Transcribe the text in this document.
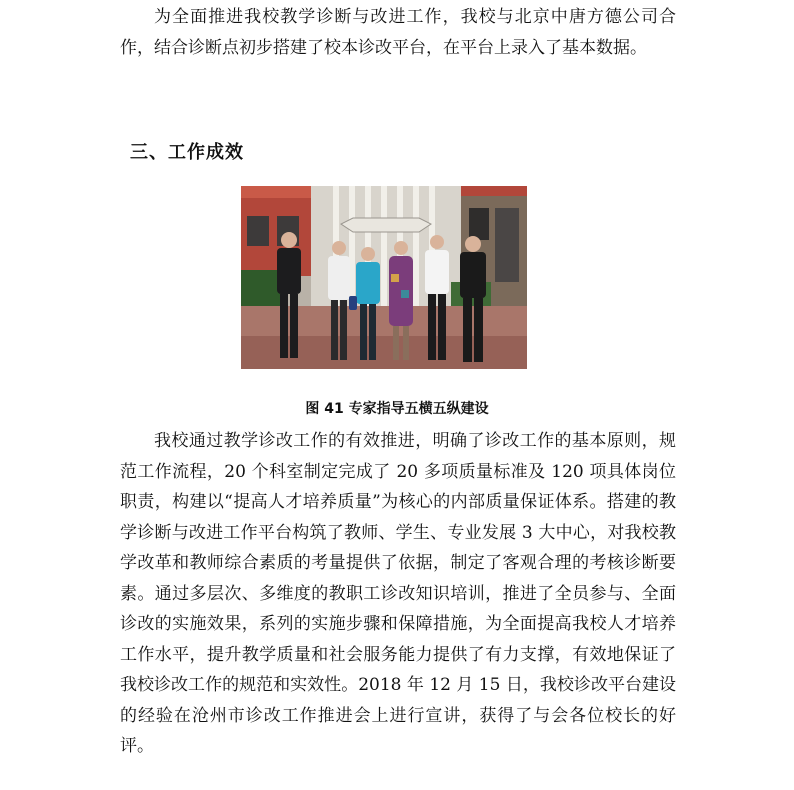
为全面推进我校教学诊断与改进工作，我校与北京中唐方德公司合作，结合诊断点初步搭建了校本诊改平台，在平台上录入了基本数据。

三、工作成效
图 41 专家指导五横五纵建设

我校通过教学诊改工作的有效推进，明确了诊改工作的基本原则，规范工作流程，20 个科室制定完成了 20 多项质量标准及 120 项具体岗位职责，构建以“提高人才培养质量”为核心的内部质量保证体系。搭建的教学诊断与改进工作平台构筑了教师、学生、专业发展 3 大中心，对我校教学改革和教师综合素质的考量提供了依据，制定了客观合理的考核诊断要素。通过多层次、多维度的教职工诊改知识培训，推进了全员参与、全面诊改的实施效果，系列的实施步骤和保障措施，为全面提高我校人才培养工作水平，提升教学质量和社会服务能力提供了有力支撑，有效地保证了我校诊改工作的规范和实效性。2018 年 12 月 15 日，我校诊改平台建设的经验在沧州市诊改工作推进会上进行宣讲，获得了与会各位校长的好评。
